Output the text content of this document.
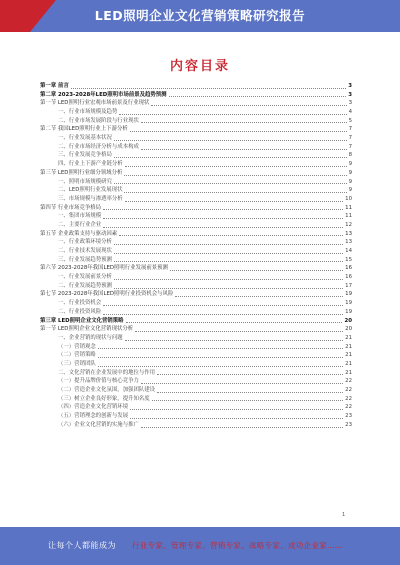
LED照明企业文化营销策略研究报告
内容目录
第一章 前言	3
第二章 2023-2028年LED照明市场前景及趋势预测	3
第一节 LED照明行业宏观市场前景及行业现状	3
一、行业市场规模及趋势	4
二、行业市场发展阶段与行业现状	5
第二节 我国LED照明行业上下游分析	7
一、行业发展基本状况	7
二、行业市场经济分析与成本构成	7
三、行业发展竞争格局	8
四、行业上下游产业链分析	9
第三节 LED照明行业细分领域分析	9
一、照明市场规模研究	9
二、LED照明行业发展现状	9
三、市场规模与渗透率分析	10
第四节 行业市场竞争格局	11
一、集团市场规模	11
二、主要行业企业	12
第五节 企业政策支持与驱动因素	13
一、行业政策环境分析	13
二、行业技术发展现状	14
三、行业发展趋势预测	15
第六节 2023-2028年我国LED照明行业发展前景预测	16
一、行业发展前景分析	16
二、行业发展趋势预测	17
第七节 2023-2028年我国LED照明行业投资机会与风险	19
一、行业投资机会	19
二、行业投资风险	19
第三章 LED照明企业文化营销策略	20
第一节 LED照明企业文化营销现状分析	20
一、企业营销的现状与问题	21
（一）营销观念	21
（二）营销策略	21
（三）营销团队	21
二、文化营销在企业发展中的地位与作用	21
（一）提升品牌价值与核心竞争力	22
（二）营造企业文化氛围，加强团队建设	22
（三）树立企业良好形象，提升知名度	22
（四）营造企业文化营销环境	22
（五）营销理念的创新与发展	23
（六）企业文化营销的实施与推广	23
1
让每个人都能成为 行业专家、管理专家、营销专家、战略专家、成功企业家……
